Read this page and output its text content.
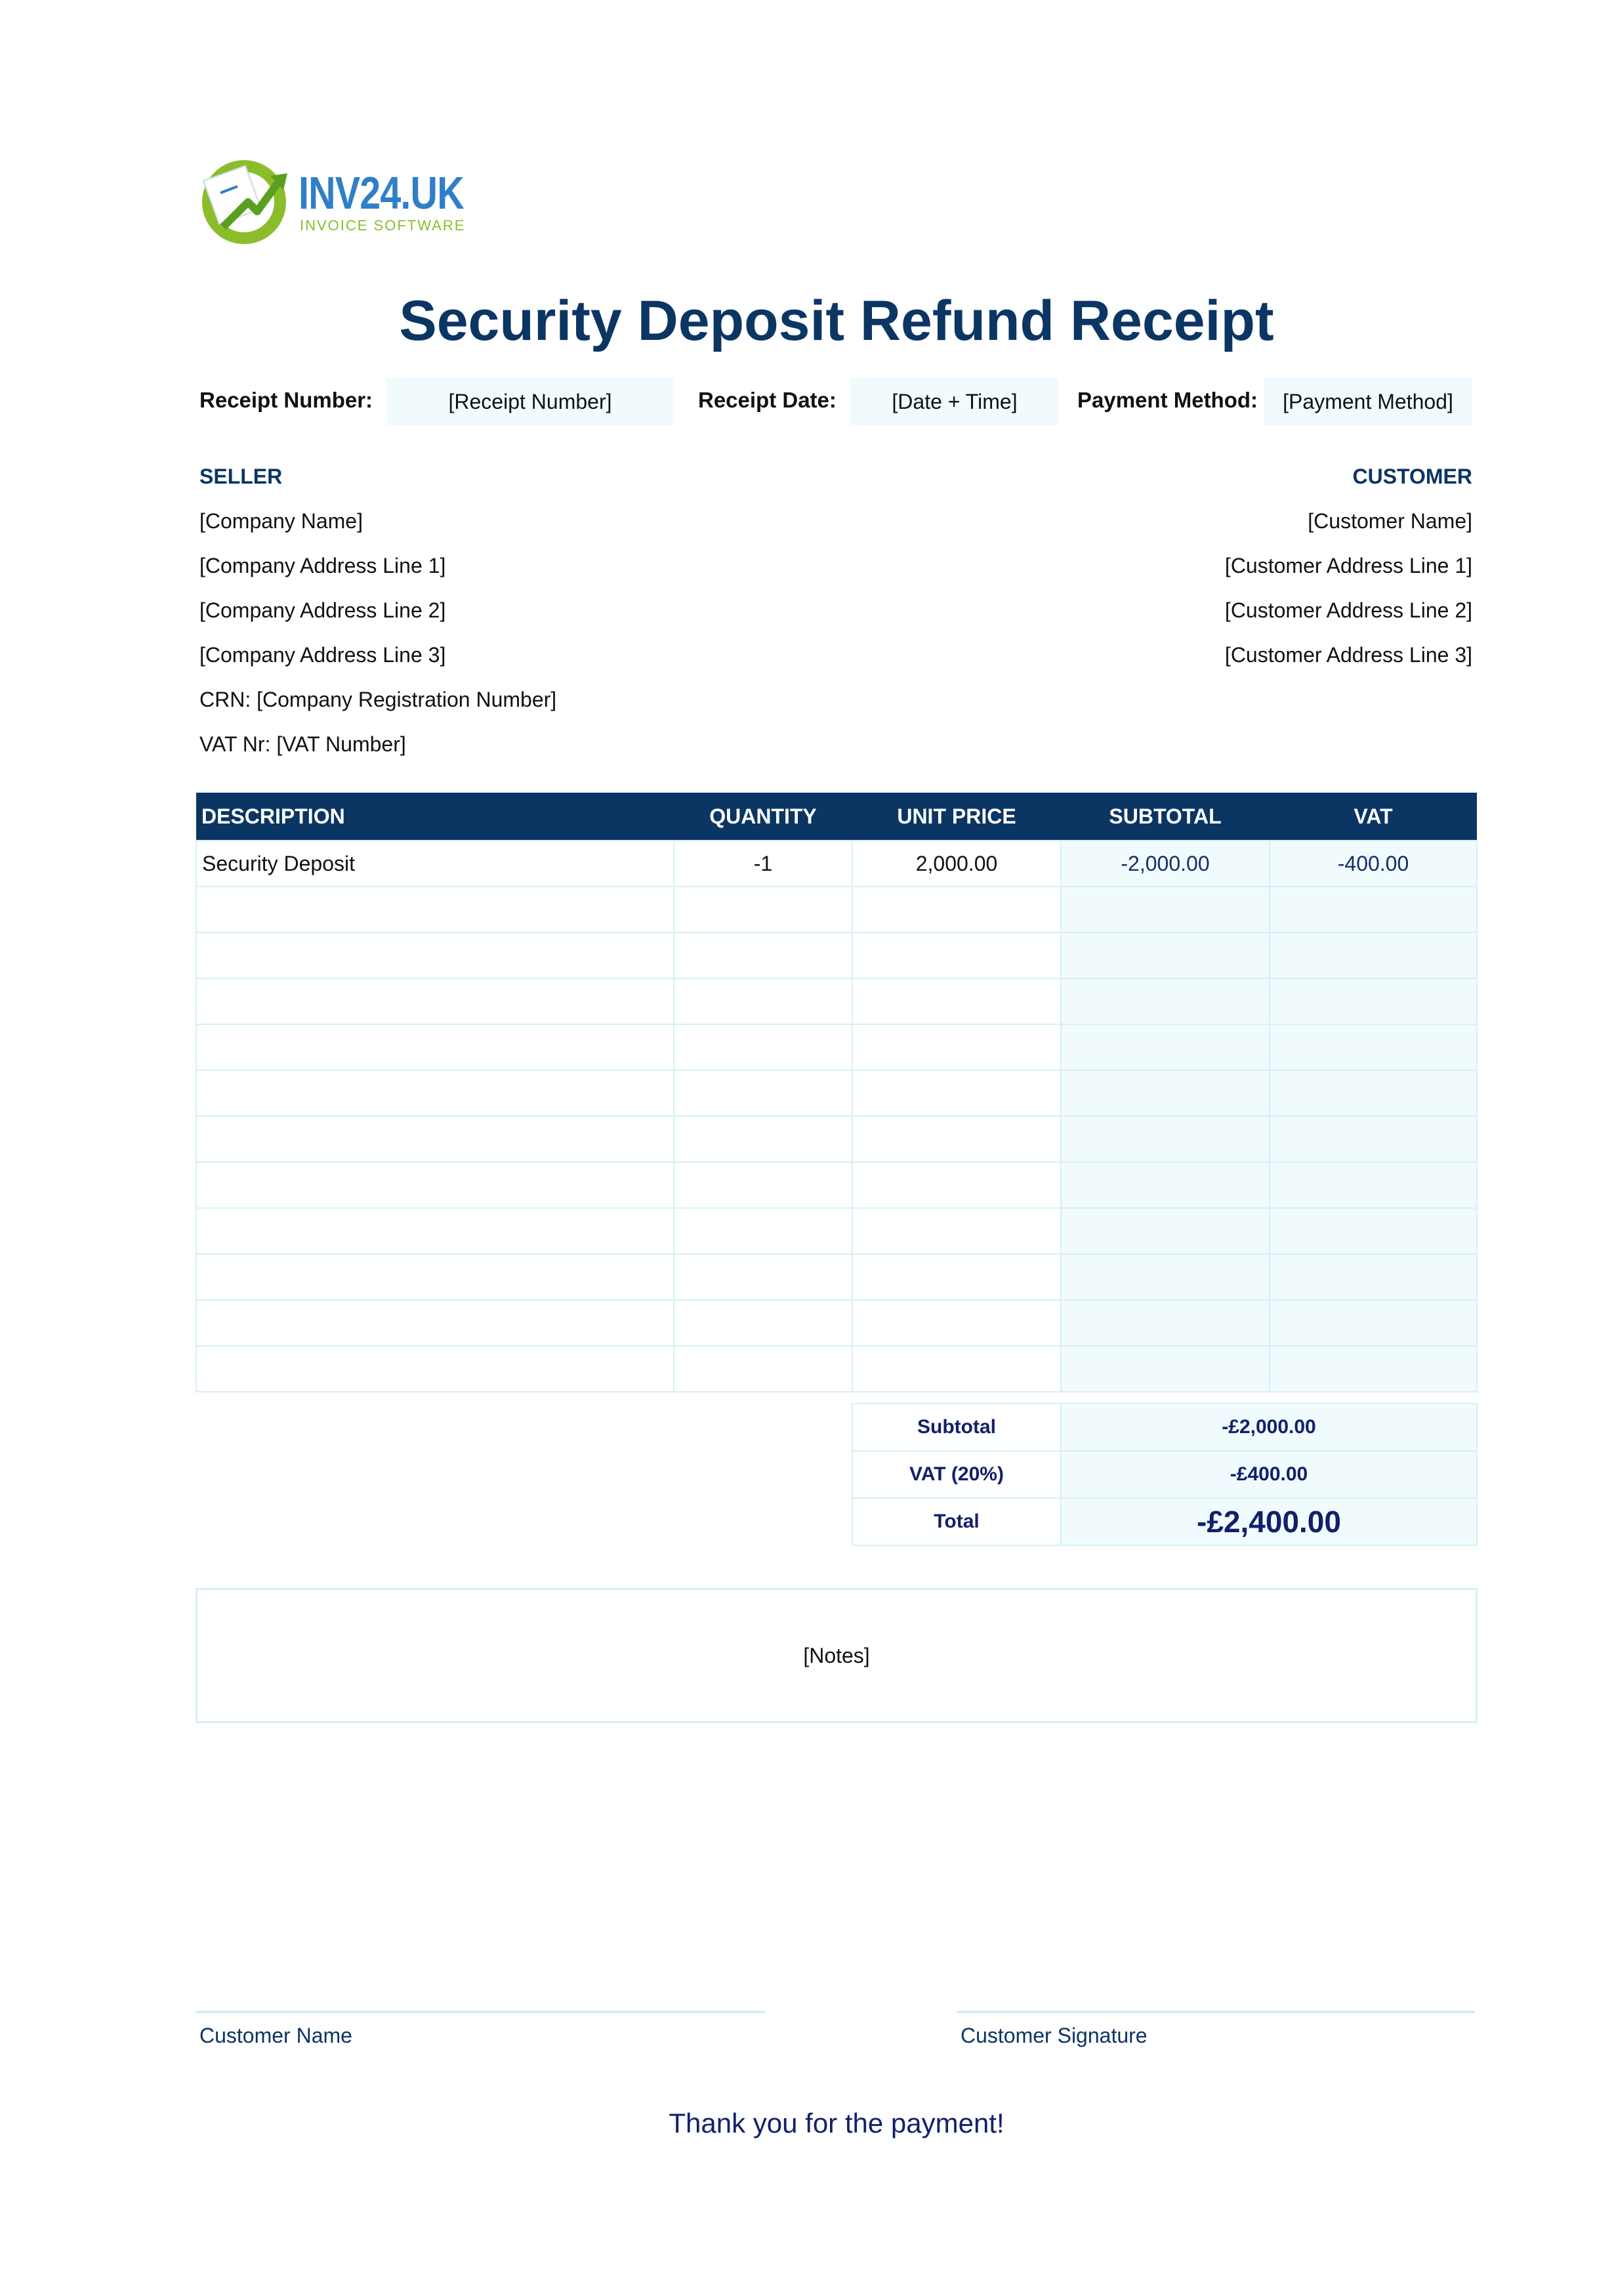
INV24.UK
INVOICE SOFTWARE
Security Deposit Refund Receipt
Receipt Number:	[Receipt Number]	Receipt Date:	[Date + Time]	Payment Method:	[Payment Method]
SELLER
[Company Name]
[Company Address Line 1]
[Company Address Line 2]
[Company Address Line 3]
CRN: [Company Registration Number]
VAT Nr: [VAT Number]
CUSTOMER
[Customer Name]
[Customer Address Line 1]
[Customer Address Line 2]
[Customer Address Line 3]
DESCRIPTION	QUANTITY	UNIT PRICE	SUBTOTAL	VAT
Security Deposit	-1	2,000.00	-2,000.00	-400.00

Subtotal	-£2,000.00
VAT (20%)	-£400.00
Total	-£2,400.00
[Notes]
Customer Name	Customer Signature
Thank you for the payment!
